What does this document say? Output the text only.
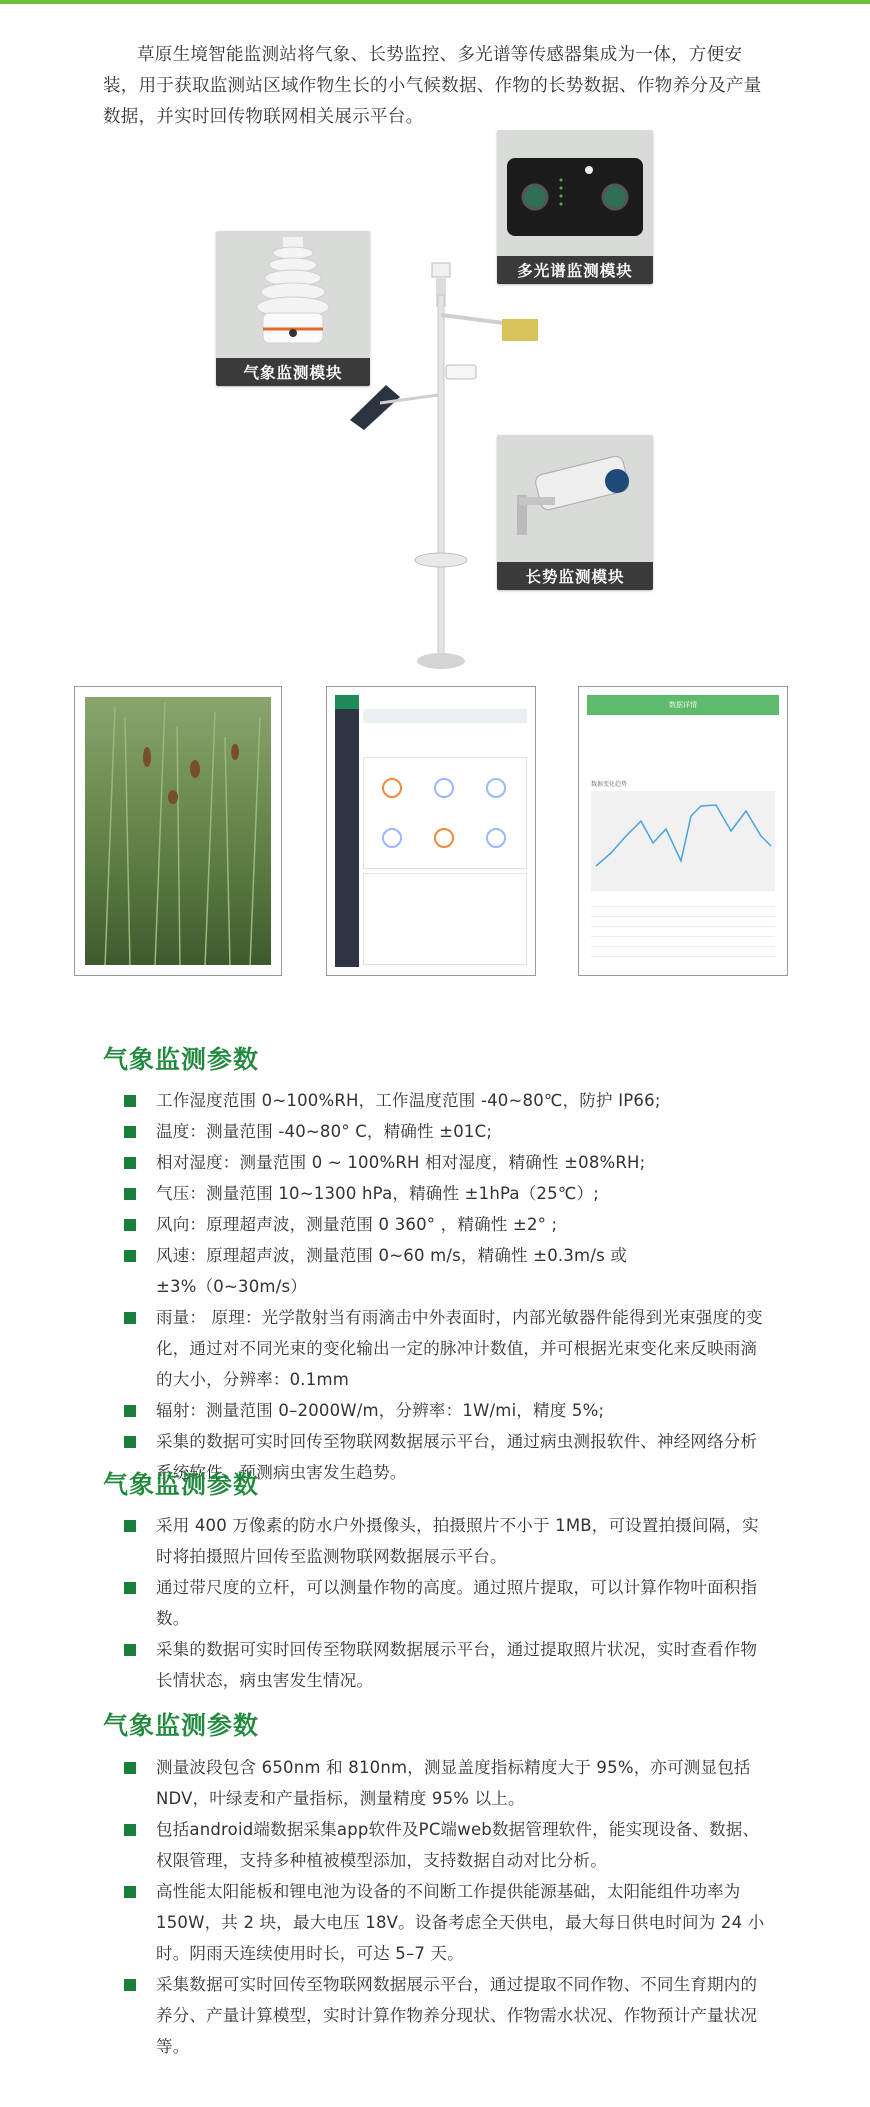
草原生境智能监测站将气象、长势监控、多光谱等传感器集成为一体，方便安装，用于获取监测站区域作物生长的小气候数据、作物的长势数据、作物养分及产量数据，并实时回传物联网相关展示平台。

多光谱监测模块
气象监测模块
长势监测模块
数据详情
数据变化趋势
气象监测参数
工作湿度范围 0~100%RH，工作温度范围 -40~80℃，防护 IP66;
温度：测量范围 -40~80° C，精确性 ±01C;
相对湿度：测量范围 0 ~ 100%RH 相对湿度，精确性 ±08%RH;
气压：测量范围 10~1300 hPa，精确性 ±1hPa（25℃）;
风向：原理超声波，测量范围 0 360° ，精确性 ±2° ;
风速：原理超声波，测量范围 0~60 m/s，精确性 ±0.3m/s 或 ±3%（0~30m/s）
雨量： 原理：光学散射当有雨滴击中外表面时，内部光敏器件能得到光束强度的变化，通过对不同光束的变化输出一定的脉冲计数值，并可根据光束变化来反映雨滴的大小，分辨率：0.1mm
辐射：测量范围 0–2000W/m，分辨率：1W/mi，精度 5%;
采集的数据可实时回传至物联网数据展示平台，通过病虫测报软件、神经网络分析系统软件，预测病虫害发生趋势。
气象监测参数
采用 400 万像素的防水户外摄像头，拍摄照片不小于 1MB，可设置拍摄间隔，实时将拍摄照片回传至监测物联网数据展示平台。
通过带尺度的立杆，可以测量作物的高度。通过照片提取，可以计算作物叶面积指数。
采集的数据可实时回传至物联网数据展示平台，通过提取照片状况，实时查看作物长情状态，病虫害发生情况。
气象监测参数
测量波段包含 650nm 和 810nm，测显盖度指标精度大于 95%，亦可测显包括 NDV，叶绿麦和产量指标，测量精度 95% 以上。
包括android端数据采集app软件及PC端web数据管理软件，能实现设备、数据、权限管理，支持多种植被模型添加，支持数据自动对比分析。
高性能太阳能板和锂电池为设备的不间断工作提供能源基础，太阳能组件功率为 150W，共 2 块，最大电压 18V。设备考虑全天供电，最大每日供电时间为 24 小时。阴雨天连续使用时长，可达 5–7 天。
采集数据可实时回传至物联网数据展示平台，通过提取不同作物、不同生育期内的养分、产量计算模型，实时计算作物养分现状、作物需水状况、作物预计产量状况等。
